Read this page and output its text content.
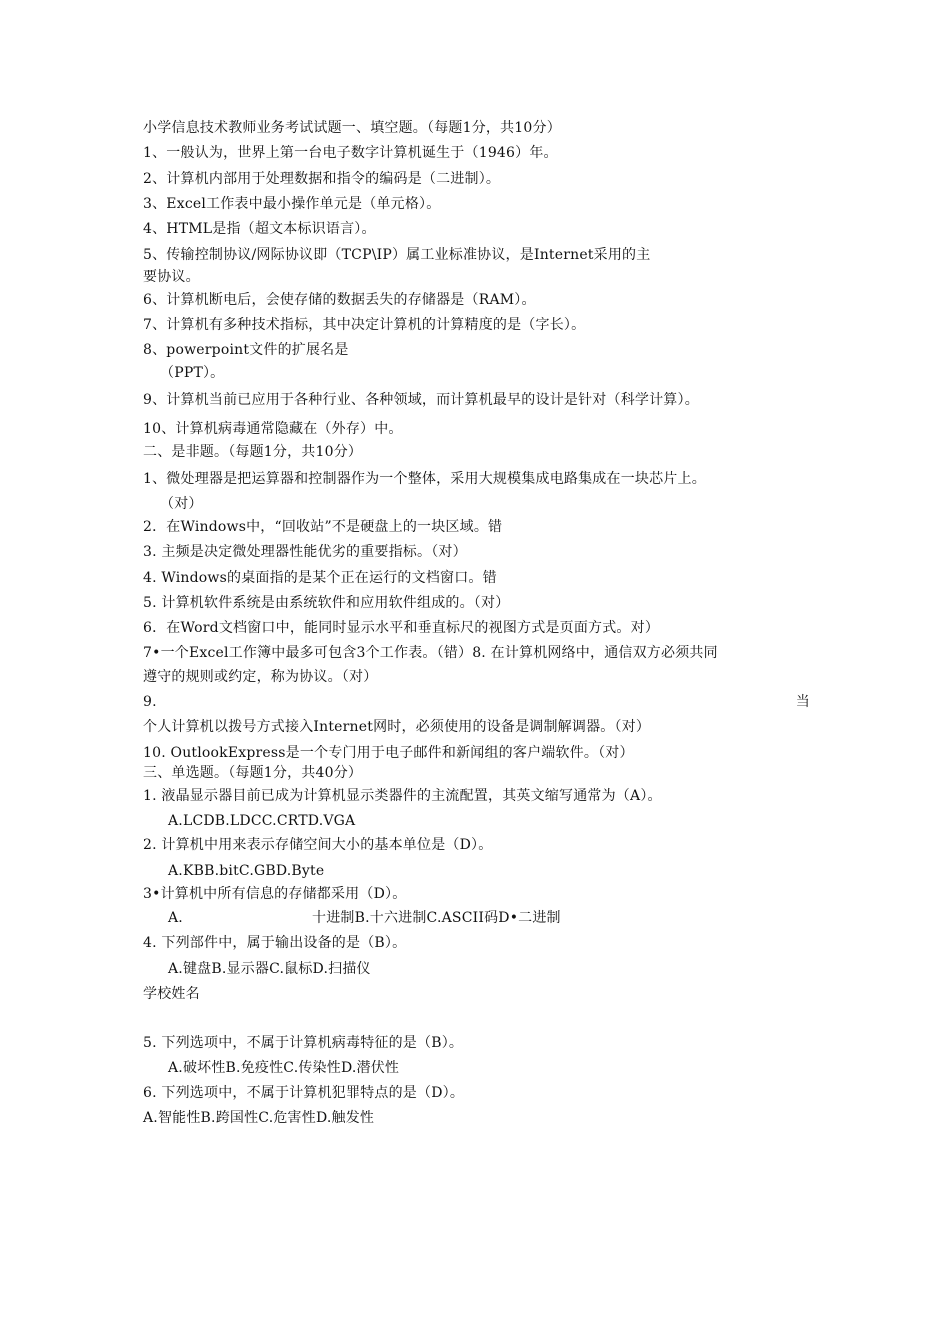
小学信息技术教师业务考试试题一、填空题。（每题1分，共10分）
1、一般认为，世界上第一台电子数字计算机诞生于（1946）年。
2、计算机内部用于处理数据和指令的编码是（二进制）。
3、Excel工作表中最小操作单元是（单元格）。
4、HTML是指（超文本标识语言）。
5、传输控制协议/网际协议即（TCP\IP）属工业标准协议，是Internet采用的主
要协议。
6、计算机断电后，会使存储的数据丢失的存储器是（RAM）。
7、计算机有多种技术指标，其中决定计算机的计算精度的是（字长）。
8、powerpoint文件的扩展名是
（PPT）。
9、计算机当前已应用于各种行业、各种领域，而计算机最早的设计是针对（科学计算）。
10、计算机病毒通常隐藏在（外存）中。
二、是非题。（每题1分，共10分）
1、微处理器是把运算器和控制器作为一个整体，采用大规模集成电路集成在一块芯片上。
（对）
2．在Windows中，“回收站”不是硬盘上的一块区域。错
3. 主频是决定微处理器性能优劣的重要指标。（对）
4. Windows的桌面指的是某个正在运行的文档窗口。错
5. 计算机软件系统是由系统软件和应用软件组成的。（对）
6．在Word文档窗口中，能同时显示水平和垂直标尺的视图方式是页面方式。对）
7•一个Excel工作簿中最多可包含3个工作表。（错）8. 在计算机网络中，通信双方必须共同
遵守的规则或约定，称为协议。（对）
9.	当
个人计算机以拨号方式接入Internet网时，必须使用的设备是调制解调器。（对）
10. OutlookExpress是一个专门用于电子邮件和新闻组的客户端软件。（对）
三、单选题。（每题1分，共40分）
1. 液晶显示器目前已成为计算机显示类器件的主流配置，其英文缩写通常为（A）。
A.LCDB.LDCC.CRTD.VGA
2. 计算机中用来表示存储空间大小的基本单位是（D）。
A.KBB.bitC.GBD.Byte
3•计算机中所有信息的存储都采用（D）。
A.	十进制B.十六进制C.ASCII码D•二进制
4. 下列部件中，属于输出设备的是（B）。
A.键盘B.显示器C.鼠标D.扫描仪
学校姓名
5. 下列选项中，不属于计算机病毒特征的是（B）。
A.破坏性B.免疫性C.传染性D.潜伏性
6. 下列选项中，不属于计算机犯罪特点的是（D）。
A.智能性B.跨国性C.危害性D.触发性
